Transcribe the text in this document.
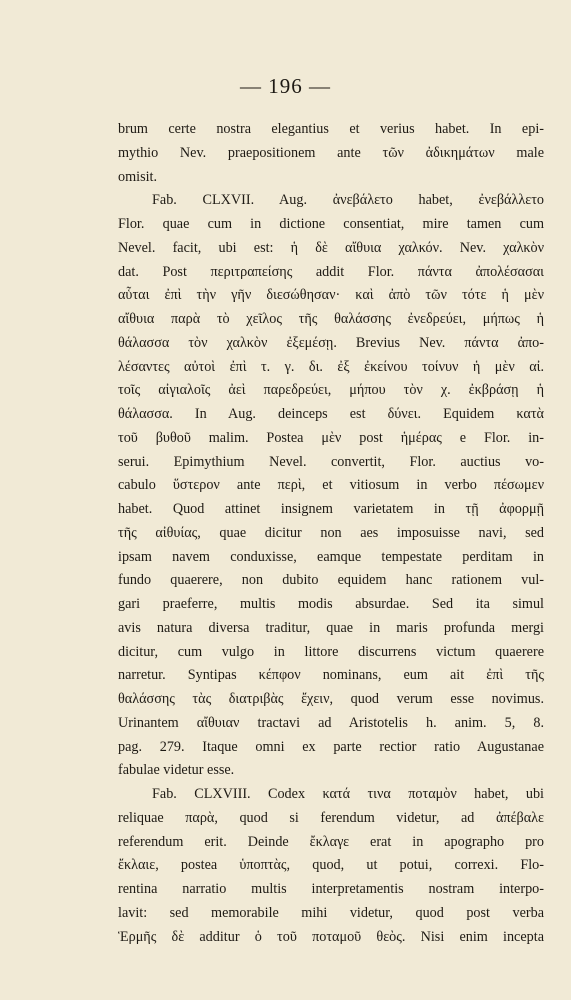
— 196 —
brum certe nostra elegantius et verius habet. In epi-
mythio Nev. praepositionem ante τῶν ἀδικημάτων male
omisit.
Fab. CLXVII. Aug. ἀνεβάλετο habet, ἐνεβάλλετο
Flor. quae cum in dictione consentiat, mire tamen cum
Nevel. facit, ubi est: ἡ δὲ αἴθυια χαλκόν. Nev. χαλκὸν
dat. Post περιτραπείσης addit Flor. πάντα ἀπολέσασαι
αὗται ἐπὶ τὴν γῆν διεσώθησαν· καὶ ἀπὸ τῶν τότε ἡ μὲν
αἴθυια παρὰ τὸ χεῖλος τῆς θαλάσσης ἐνεδρεύει, μήπως ἡ
θάλασσα τὸν χαλκὸν ἐξεμέσῃ. Brevius Nev. πάντα ἀπο-
λέσαντες αὐτοὶ ἐπὶ τ. γ. δι. ἐξ ἐκείνου τοίνυν ἡ μὲν αἰ.
τοῖς αἰγιαλοῖς ἀεὶ παρεδρεύει, μήπου τὸν χ. ἐκβράσῃ ἡ
θάλασσα. In Aug. deinceps est δύνει. Equidem κατὰ
τοῦ βυθοῦ malim. Postea μὲν post ἡμέρας e Flor. in-
serui. Epimythium Nevel. convertit, Flor. auctius vo-
cabulo ὕστερον ante περὶ, et vitiosum in verbo πέσωμεν
habet. Quod attinet insignem varietatem in τῇ ἀφορμῇ
τῆς αἰθυίας, quae dicitur non aes imposuisse navi, sed
ipsam navem conduxisse, eamque tempestate perditam in
fundo quaerere, non dubito equidem hanc rationem vul-
gari praeferre, multis modis absurdae. Sed ita simul
avis natura diversa traditur, quae in maris profunda mergi
dicitur, cum vulgo in littore discurrens victum quaerere
narretur. Syntipas κέπφον nominans, eum ait ἐπὶ τῆς
θαλάσσης τὰς διατριβὰς ἔχειν, quod verum esse novimus.
Urinantem αἴθυιαν tractavi ad Aristotelis h. anim. 5, 8.
pag. 279. Itaque omni ex parte rectior ratio Augustanae
fabulae videtur esse.
Fab. CLXVIII. Codex κατά τινα ποταμὸν habet, ubi
reliquae παρὰ, quod si ferendum videtur, ad ἀπέβαλε
referendum erit. Deinde ἔκλαγε erat in apographo pro
ἔκλαιε, postea ὑποπτὰς, quod, ut potui, correxi. Flo-
rentina narratio multis interpretamentis nostram interpo-
lavit: sed memorabile mihi videtur, quod post verba
Ἑρμῆς δὲ additur ὁ τοῦ ποταμοῦ θεὸς. Nisi enim incepta
